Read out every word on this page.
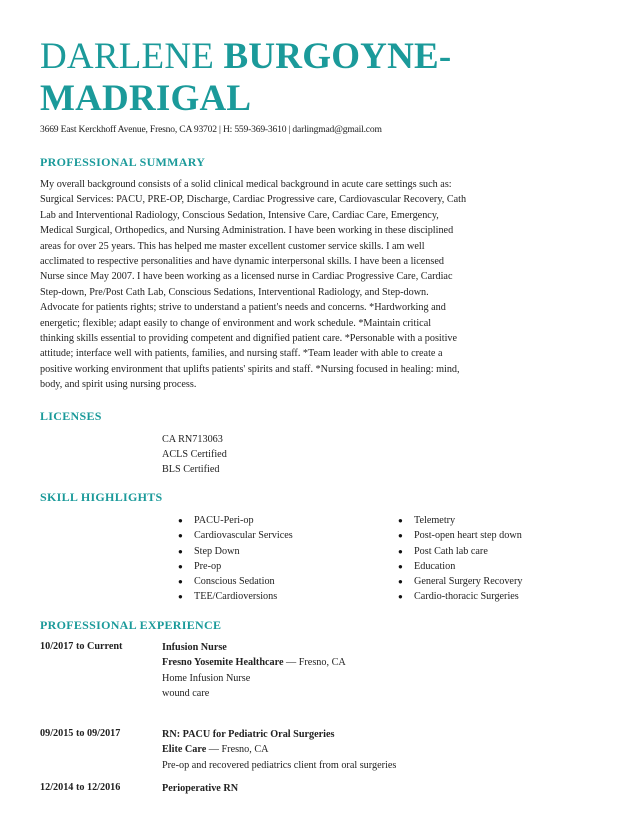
DARLENE BURGOYNE-
MADRIGAL
3669 East Kerckhoff Avenue, Fresno, CA 93702 | H: 559-369-3610 | darlingmad@gmail.com
PROFESSIONAL SUMMARY
My overall background consists of a solid clinical medical background in acute care settings such as:
Surgical Services: PACU, PRE-OP, Discharge, Cardiac Progressive care, Cardiovascular Recovery, Cath
Lab and Interventional Radiology, Conscious Sedation, Intensive Care, Cardiac Care, Emergency,
Medical Surgical, Orthopedics, and Nursing Administration. I have been working in these disciplined
areas for over 25 years. This has helped me master excellent customer service skills. I am well
acclimated to respective personalities and have dynamic interpersonal skills. I have been a licensed
Nurse since May 2007. I have been working as a licensed nurse in Cardiac Progressive Care, Cardiac
Step-down, Pre/Post Cath Lab, Conscious Sedations, Interventional Radiology, and Step-down.
Advocate for patients rights; strive to understand a patient's needs and concerns. *Hardworking and
energetic; flexible; adapt easily to change of environment and work schedule. *Maintain critical
thinking skills essential to providing competent and dignified patient care. *Personable with a positive
attitude; interface well with patients, families, and nursing staff. *Team leader with able to create a
positive working environment that uplifts patients' spirits and staff. *Nursing focused in healing: mind,
body, and spirit using nursing process.
LICENSES
CA RN713063
ACLS Certified
BLS Certified
SKILL HIGHLIGHTS
● PACU-Peri-op
● Cardiovascular Services
● Step Down
● Pre-op
● Conscious Sedation
● TEE/Cardioversions
● Telemetry
● Post-open heart step down
● Post Cath lab care
● Education
● General Surgery Recovery
● Cardio-thoracic Surgeries
PROFESSIONAL EXPERIENCE
10/2017 to Current	Infusion Nurse
Fresno Yosemite Healthcare — Fresno, CA
Home Infusion Nurse
wound care
09/2015 to 09/2017	RN: PACU for Pediatric Oral Surgeries
Elite Care — Fresno, CA
Pre-op and recovered pediatrics client from oral surgeries
12/2014 to 12/2016	Perioperative RN
